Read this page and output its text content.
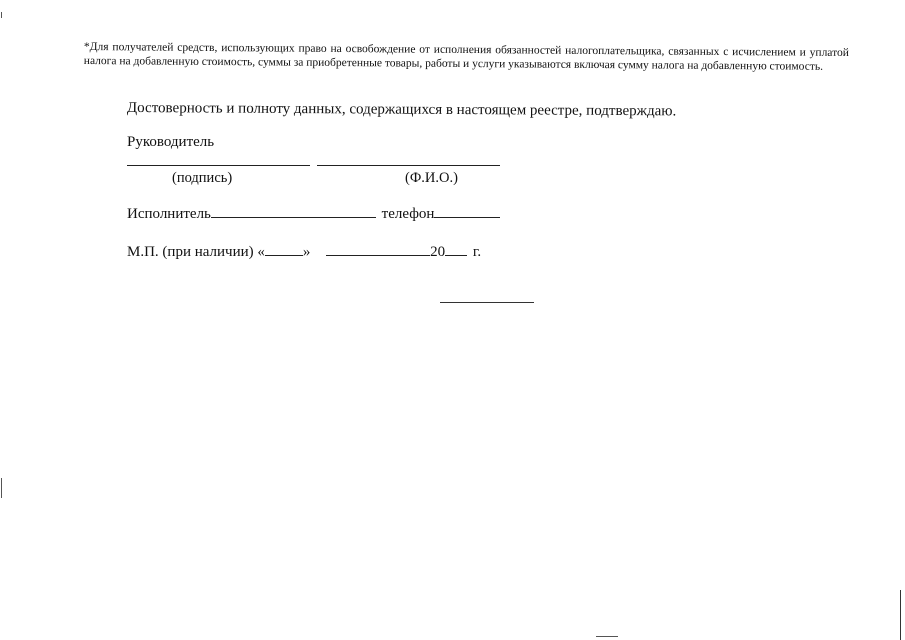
*Для получателей средств, использующих право на освобождение от исполнения обязанностей налогоплательщика, связанных с исчислением и уплатой налога на добавленную стоимость, суммы за приобретенные товары, работы и услуги указываются включая сумму налога на добавленную стоимость.

Достоверность и полноту данных, содержащихся в настоящем реестре, подтверждаю.
Руководитель
(подпись)	(Ф.И.О.)
Исполнитель	телефон
М.П. (при наличии) «	»	20 г.
